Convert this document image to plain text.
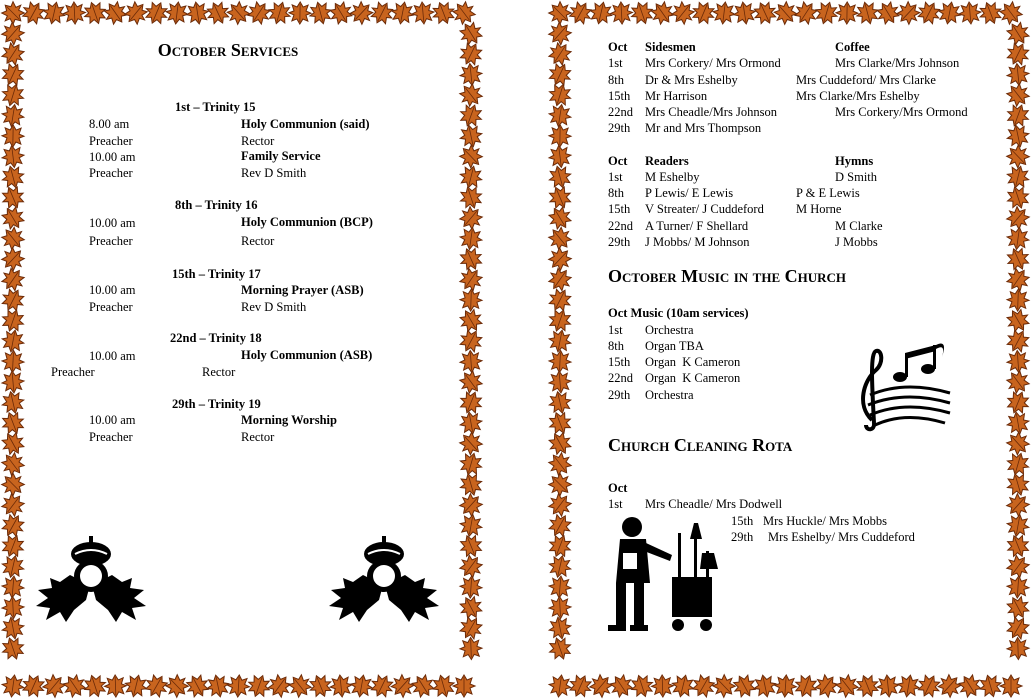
October Services
1st – Trinity 15
8.00 am	Holy Communion (said)
Preacher	Rector
10.00 am	Family Service
Preacher	Rev D Smith
8th – Trinity 16
10.00 am	Holy Communion (BCP)
Preacher	Rector
15th – Trinity 17
10.00 am	Morning Prayer (ASB)
Preacher	Rev D Smith
22nd – Trinity 18
10.00 am	Holy Communion (ASB)
Preacher	Rector
29th – Trinity 19
10.00 am	Morning Worship
Preacher	Rector
Oct Sidesmen	Coffee
1st Mrs Corkery/ Mrs Ormond	Mrs Clarke/Mrs Johnson
8th Dr & Mrs Eshelby	Mrs Cuddeford/ Mrs Clarke
15th Mr Harrison	Mrs Clarke/Mrs Eshelby
22nd Mrs Cheadle/Mrs Johnson	Mrs Corkery/Mrs Ormond
29th Mr and Mrs Thompson
Oct Readers	Hymns
1st M Eshelby	D Smith
8th P Lewis/ E Lewis	P & E Lewis
15th V Streater/ J Cuddeford	M Horne
22nd A Turner/ F Shellard	M Clarke
29th J Mobbs/ M Johnson	J Mobbs
October Music in the Church
Oct Music (10am services)
1st Orchestra
8th Organ TBA
15th Organ  K Cameron
22nd Organ  K Cameron
29th Orchestra
Church Cleaning Rota
Oct
1st Mrs Cheadle/ Mrs Dodwell
15th Mrs Huckle/ Mrs Mobbs
29th Mrs Eshelby/ Mrs Cuddeford
